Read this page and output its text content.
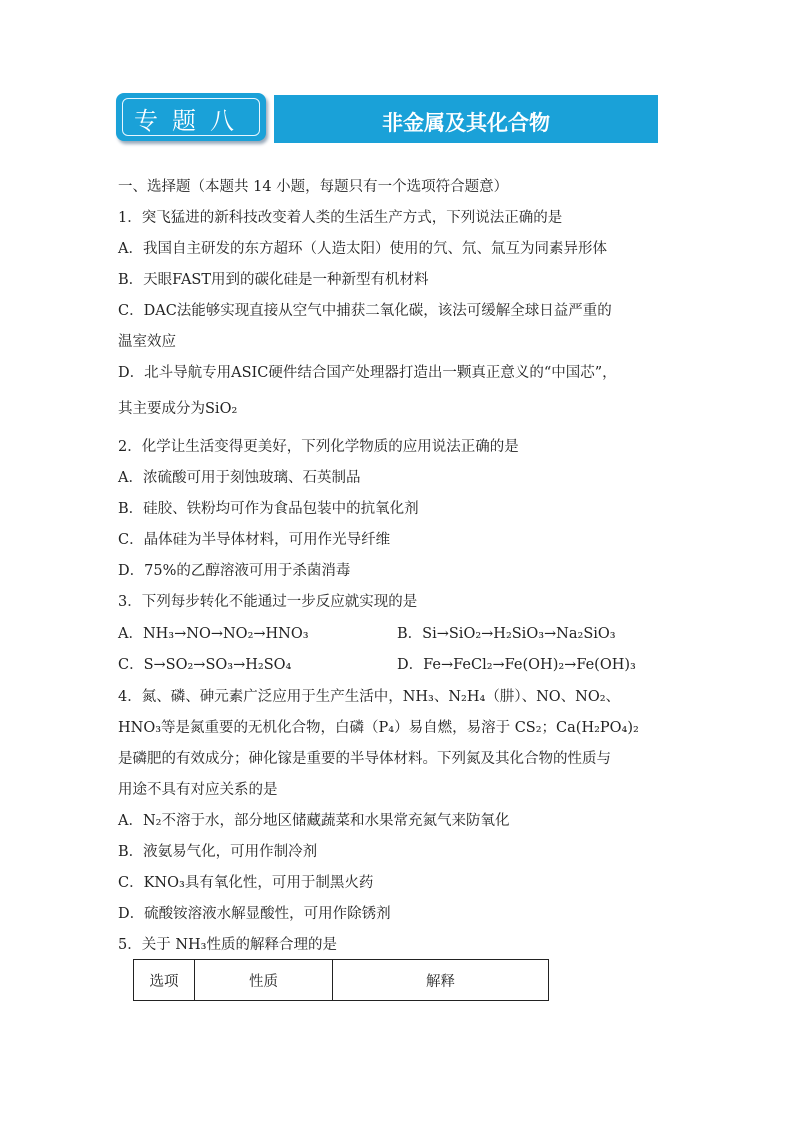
专题八	非金属及其化合物
一、选择题（本题共 14 小题，每题只有一个选项符合题意）
1．突飞猛进的新科技改变着人类的生活生产方式，下列说法正确的是
A．我国自主研发的东方超环（人造太阳）使用的氕、氘、氚互为同素异形体
B．天眼FAST用到的碳化硅是一种新型有机材料
C．DAC法能够实现直接从空气中捕获二氧化碳，该法可缓解全球日益严重的
温室效应
D．北斗导航专用ASIC硬件结合国产处理器打造出一颗真正意义的“中国芯”，
其主要成分为SiO₂
2．化学让生活变得更美好，下列化学物质的应用说法正确的是
A．浓硫酸可用于刻蚀玻璃、石英制品
B．硅胶、铁粉均可作为食品包装中的抗氧化剂
C．晶体硅为半导体材料，可用作光导纤维
D．75%的乙醇溶液可用于杀菌消毒
3．下列每步转化不能通过一步反应就实现的是
A．NH₃→NO→NO₂→HNO₃	B．Si→SiO₂→H₂SiO₃→Na₂SiO₃
C．S→SO₂→SO₃→H₂SO₄	D．Fe→FeCl₂→Fe(OH)₂→Fe(OH)₃
4．氮、磷、砷元素广泛应用于生产生活中，NH₃、N₂H₄（肼）、NO、NO₂、
HNO₃等是氮重要的无机化合物，白磷（P₄）易自燃，易溶于 CS₂；Ca(H₂PO₄)₂
是磷肥的有效成分；砷化镓是重要的半导体材料。下列氮及其化合物的性质与
用途不具有对应关系的是
A．N₂不溶于水，部分地区储藏蔬菜和水果常充氮气来防氧化
B．液氨易气化，可用作制冷剂
C．KNO₃具有氧化性，可用于制黑火药
D．硫酸铵溶液水解显酸性，可用作除锈剂
5．关于 NH₃性质的解释合理的是
选项	性质	解释
